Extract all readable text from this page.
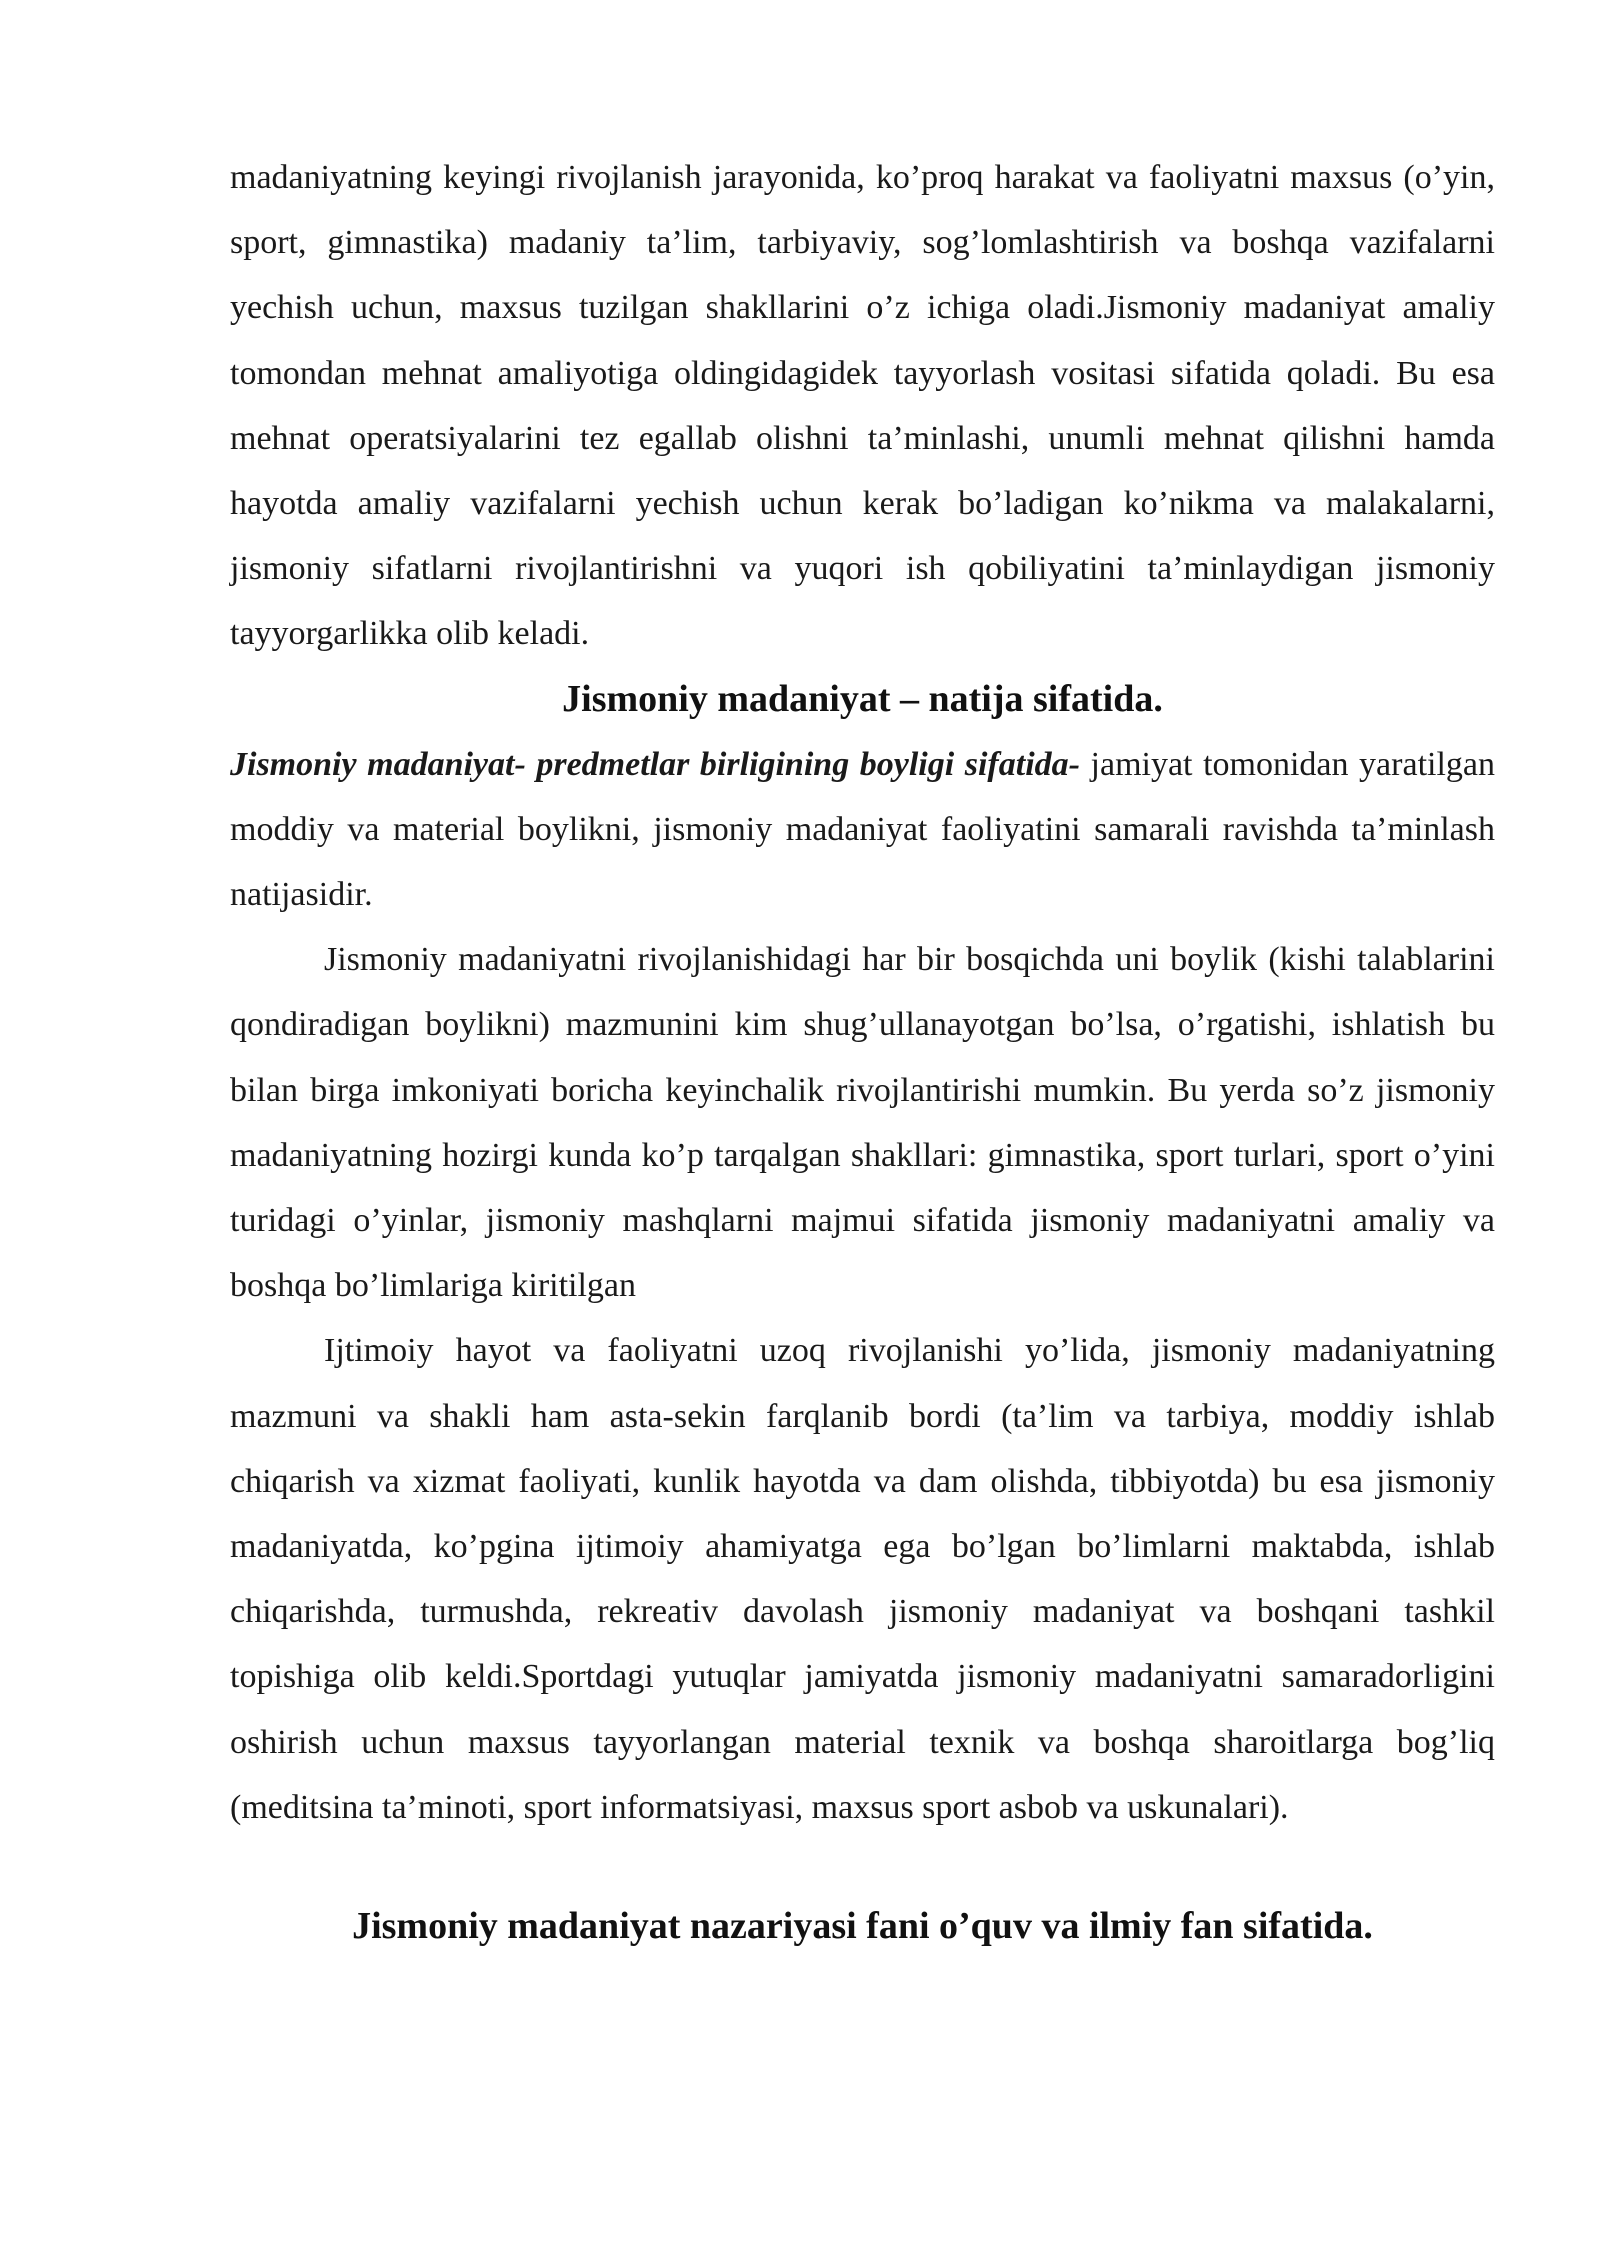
madaniyatning keyingi rivojlanish jarayonida, ko’proq harakat va faoliyatni maxsus (o’yin, sport, gimnastika) madaniy ta’lim, tarbiyaviy, sog’lomlashtirish va boshqa vazifalarni yechish uchun, maxsus tuzilgan shakllarini o’z ichiga oladi.Jismoniy madaniyat amaliy tomondan mehnat amaliyotiga oldingidagidek tayyorlash vositasi sifatida qoladi. Bu esa mehnat operatsiyalarini tez egallab olishni ta’minlashi, unumli mehnat qilishni hamda hayotda amaliy vazifalarni yechish uchun kerak bo’ladigan ko’nikma va malakalarni, jismoniy sifatlarni rivojlantirishni va yuqori ish qobiliyatini ta’minlaydigan jismoniy tayyorgarlikka olib keladi.

Jismoniy madaniyat – natija sifatida.

Jismoniy madaniyat- predmetlar birligining boyligi sifatida- jamiyat tomonidan yaratilgan moddiy va material boylikni, jismoniy madaniyat faoliyatini samarali ravishda ta’minlash natijasidir.

Jismoniy madaniyatni rivojlanishidagi har bir bosqichda uni boylik (kishi talablarini qondiradigan boylikni) mazmunini kim shug’ullanayotgan bo’lsa, o’rgatishi, ishlatish bu bilan birga imkoniyati boricha keyinchalik rivojlantirishi mumkin. Bu yerda so’z jismoniy madaniyatning hozirgi kunda ko’p tarqalgan shakllari: gimnastika, sport turlari, sport o’yini turidagi o’yinlar, jismoniy mashqlarni majmui sifatida jismoniy madaniyatni amaliy va boshqa bo’limlariga kiritilgan

Ijtimoiy hayot va faoliyatni uzoq rivojlanishi yo’lida, jismoniy madaniyatning mazmuni va shakli ham asta-sekin farqlanib bordi (ta’lim va tarbiya, moddiy ishlab chiqarish va xizmat faoliyati, kunlik hayotda va dam olishda, tibbiyotda) bu esa jismoniy madaniyatda, ko’pgina ijtimoiy ahamiyatga ega bo’lgan bo’limlarni maktabda, ishlab chiqarishda, turmushda, rekreativ davolash jismoniy madaniyat va boshqani tashkil topishiga olib keldi.Sportdagi yutuqlar jamiyatda jismoniy madaniyatni samaradorligini oshirish uchun maxsus tayyorlangan material texnik va boshqa sharoitlarga bog’liq (meditsina ta’minoti, sport informatsiyasi, maxsus sport asbob va uskunalari).

Jismoniy madaniyat nazariyasi fani o’quv va ilmiy fan sifatida.
